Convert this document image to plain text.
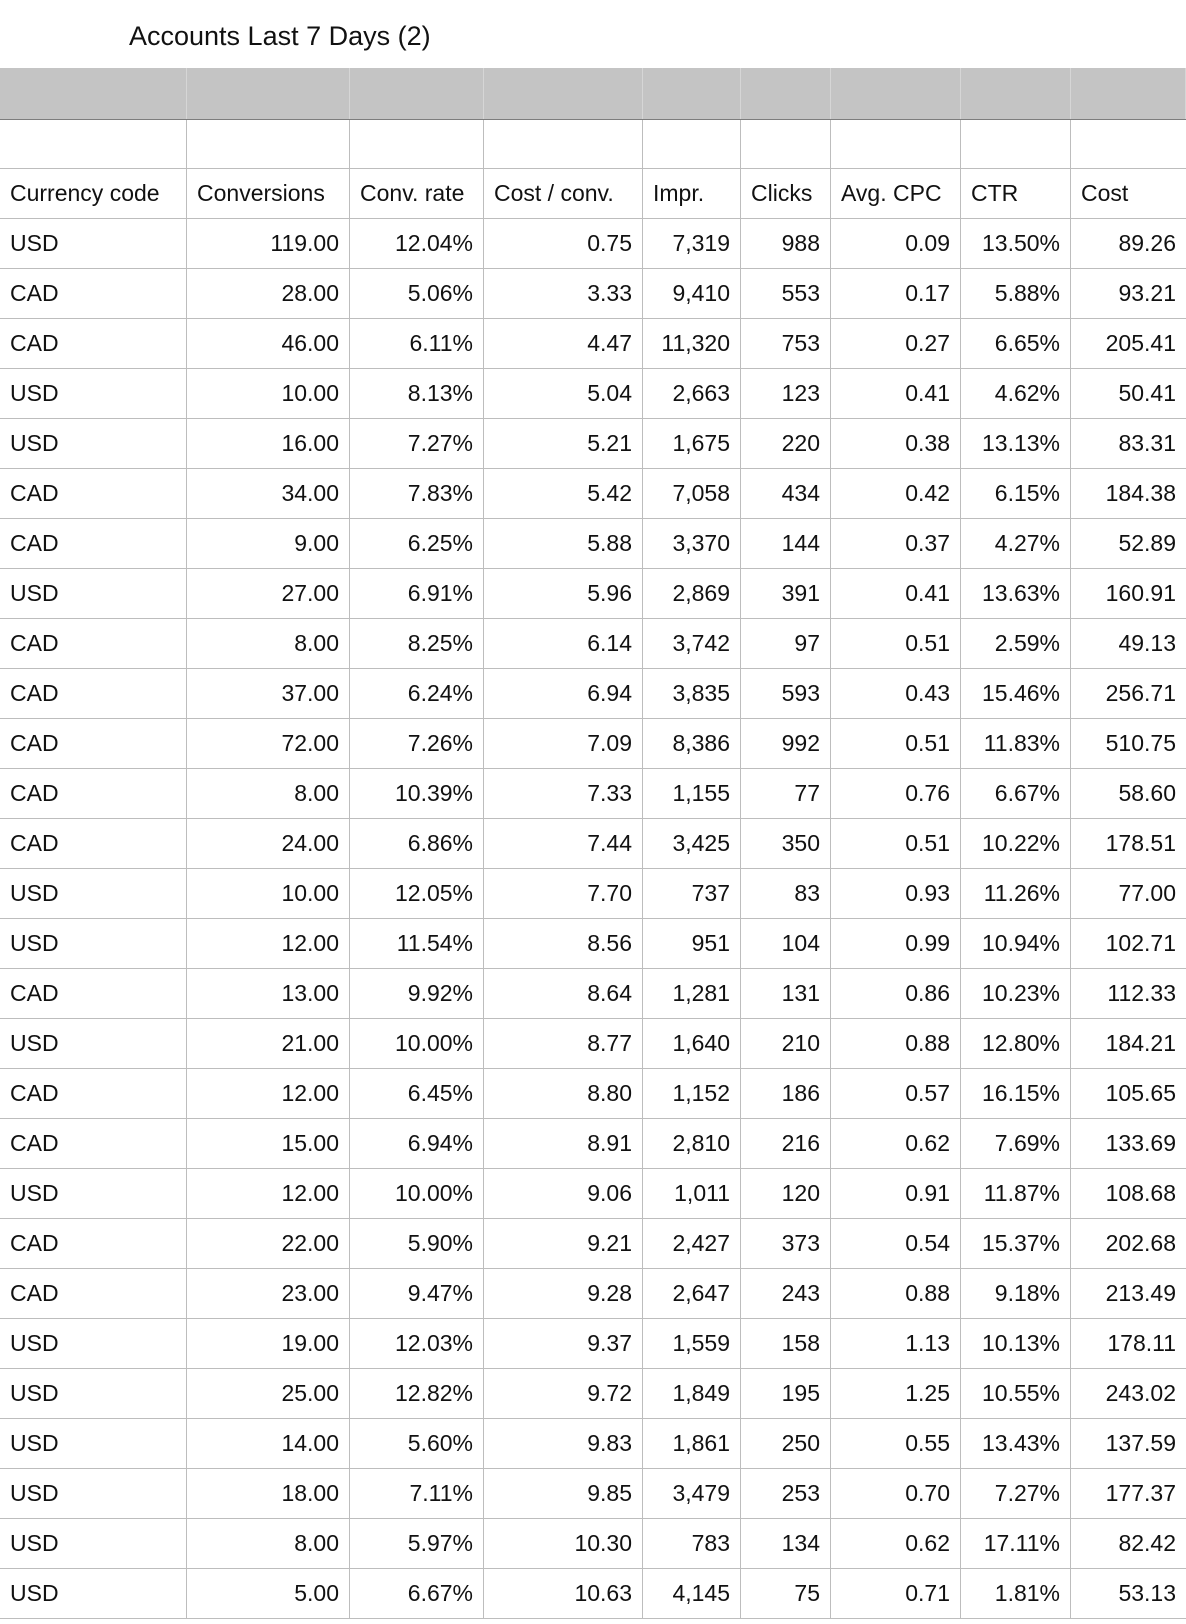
Accounts Last 7 Days (2)
Currency code	Conversions	Conv. rate	Cost / conv.	Impr.	Clicks	Avg. CPC	CTR	Cost
USD	119.00	12.04%	0.75	7,319	988	0.09	13.50%	89.26
CAD	28.00	5.06%	3.33	9,410	553	0.17	5.88%	93.21
CAD	46.00	6.11%	4.47	11,320	753	0.27	6.65%	205.41
USD	10.00	8.13%	5.04	2,663	123	0.41	4.62%	50.41
USD	16.00	7.27%	5.21	1,675	220	0.38	13.13%	83.31
CAD	34.00	7.83%	5.42	7,058	434	0.42	6.15%	184.38
CAD	9.00	6.25%	5.88	3,370	144	0.37	4.27%	52.89
USD	27.00	6.91%	5.96	2,869	391	0.41	13.63%	160.91
CAD	8.00	8.25%	6.14	3,742	97	0.51	2.59%	49.13
CAD	37.00	6.24%	6.94	3,835	593	0.43	15.46%	256.71
CAD	72.00	7.26%	7.09	8,386	992	0.51	11.83%	510.75
CAD	8.00	10.39%	7.33	1,155	77	0.76	6.67%	58.60
CAD	24.00	6.86%	7.44	3,425	350	0.51	10.22%	178.51
USD	10.00	12.05%	7.70	737	83	0.93	11.26%	77.00
USD	12.00	11.54%	8.56	951	104	0.99	10.94%	102.71
CAD	13.00	9.92%	8.64	1,281	131	0.86	10.23%	112.33
USD	21.00	10.00%	8.77	1,640	210	0.88	12.80%	184.21
CAD	12.00	6.45%	8.80	1,152	186	0.57	16.15%	105.65
CAD	15.00	6.94%	8.91	2,810	216	0.62	7.69%	133.69
USD	12.00	10.00%	9.06	1,011	120	0.91	11.87%	108.68
CAD	22.00	5.90%	9.21	2,427	373	0.54	15.37%	202.68
CAD	23.00	9.47%	9.28	2,647	243	0.88	9.18%	213.49
USD	19.00	12.03%	9.37	1,559	158	1.13	10.13%	178.11
USD	25.00	12.82%	9.72	1,849	195	1.25	10.55%	243.02
USD	14.00	5.60%	9.83	1,861	250	0.55	13.43%	137.59
USD	18.00	7.11%	9.85	3,479	253	0.70	7.27%	177.37
USD	8.00	5.97%	10.30	783	134	0.62	17.11%	82.42
USD	5.00	6.67%	10.63	4,145	75	0.71	1.81%	53.13
